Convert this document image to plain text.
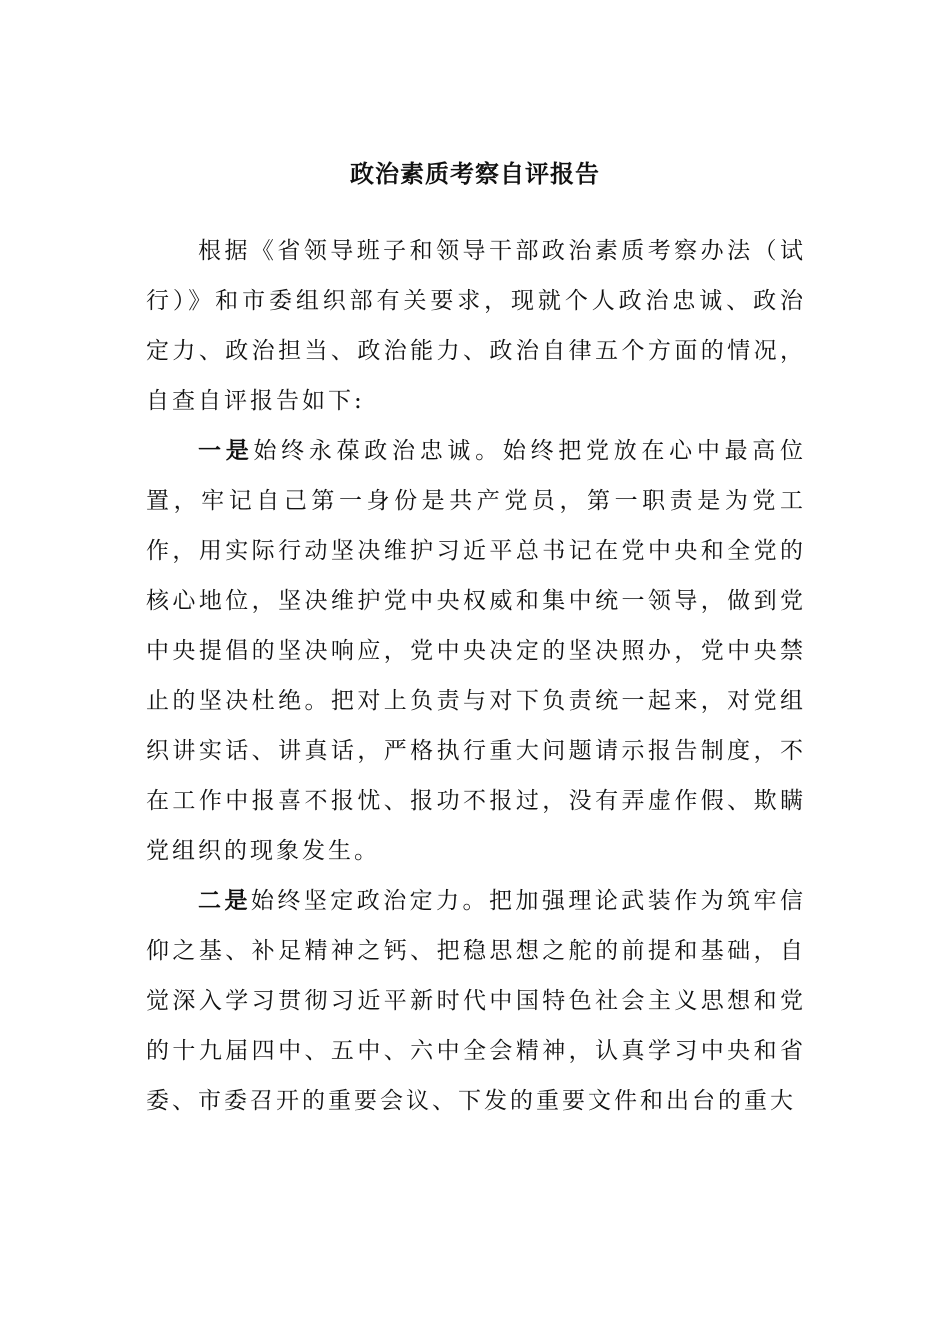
政治素质考察自评报告

根据《省领导班子和领导干部政治素质考察办法（试行）》和市委组织部有关要求，现就个人政治忠诚、政治定力、政治担当、政治能力、政治自律五个方面的情况，自查自评报告如下:

一是始终永葆政治忠诚。始终把党放在心中最高位置，牢记自己第一身份是共产党员，第一职责是为党工作，用实际行动坚决维护习近平总书记在党中央和全党的核心地位，坚决维护党中央权威和集中统一领导，做到党中央提倡的坚决响应，党中央决定的坚决照办，党中央禁止的坚决杜绝。把对上负责与对下负责统一起来，对党组织讲实话、讲真话，严格执行重大问题请示报告制度，不在工作中报喜不报忧、报功不报过，没有弄虚作假、欺瞒党组织的现象发生。

二是始终坚定政治定力。把加强理论武装作为筑牢信仰之基、补足精神之钙、把稳思想之舵的前提和基础，自觉深入学习贯彻习近平新时代中国特色社会主义思想和党的十九届四中、五中、六中全会精神，认真学习中央和省委、市委召开的重要会议、下发的重要文件和出台的重大
